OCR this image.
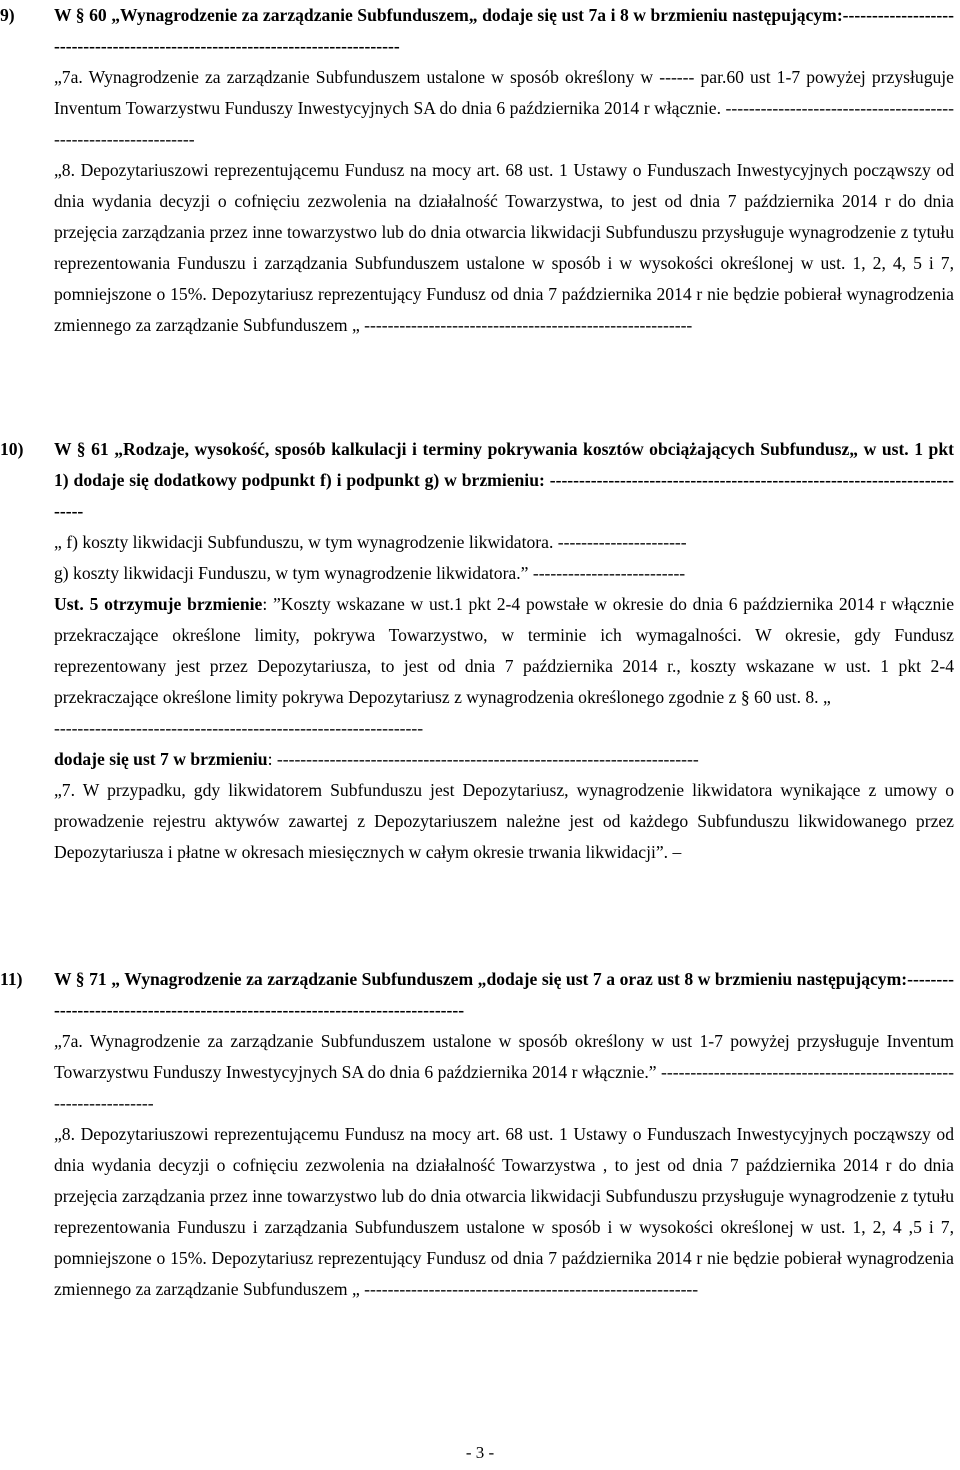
9) W § 60 „Wynagrodzenie za zarządzanie Subfunduszem„ dodaje się ust 7a i 8 w brzmieniu następującym:------------------------------------------------------------------------------

„7a. Wynagrodzenie za zarządzanie Subfunduszem ustalone w sposób określony w ------ par.60 ust 1-7 powyżej przysługuje Inventum Towarzystwu Funduszy Inwestycyjnych SA do dnia 6 października 2014 r włącznie. ---------------------------------------------------------------

„8. Depozytariuszowi reprezentującemu Fundusz na mocy art. 68 ust. 1 Ustawy o Funduszach Inwestycyjnych począwszy od dnia wydania decyzji o cofnięciu zezwolenia na działalność Towarzystwa, to jest od dnia 7 października 2014 r do dnia przejęcia zarządzania przez inne towarzystwo lub do dnia otwarcia likwidacji Subfunduszu przysługuje wynagrodzenie z tytułu reprezentowania Funduszu i zarządzania Subfunduszem ustalone w sposób i w wysokości określonej w ust. 1, 2, 4, 5 i 7, pomniejszone o 15%. Depozytariusz reprezentujący Fundusz od dnia 7 października 2014 r nie będzie pobierał wynagrodzenia zmiennego za zarządzanie Subfunduszem „ --------------------------------------------------------

10) W § 61 „Rodzaje, wysokość, sposób kalkulacji i terminy pokrywania kosztów obciążających Subfundusz„ w ust. 1 pkt 1) dodaje się dodatkowy podpunkt f) i podpunkt g) w brzmieniu: --------------------------------------------------------------------------

„ f) koszty likwidacji Subfunduszu, w tym wynagrodzenie likwidatora. ----------------------

g) koszty likwidacji Funduszu, w tym wynagrodzenie likwidatora.” --------------------------

Ust. 5 otrzymuje brzmienie: ”Koszty wskazane w ust.1 pkt 2-4 powstałe w okresie do dnia 6 października 2014 r włącznie przekraczające określone limity, pokrywa Towarzystwo, w terminie ich wymagalności. W okresie, gdy Fundusz reprezentowany jest przez Depozytariusza, to jest od dnia 7 października 2014 r., koszty wskazane w ust. 1 pkt 2-4 przekraczające określone limity pokrywa Depozytariusz z wynagrodzenia określonego zgodnie z § 60 ust. 8. „

---------------------------------------------------------------

dodaje się ust 7 w brzmieniu: ------------------------------------------------------------------------

„7. W przypadku, gdy likwidatorem Subfunduszu jest Depozytariusz, wynagrodzenie likwidatora wynikające z umowy o prowadzenie rejestru aktywów zawartej z Depozytariuszem należne jest od każdego Subfunduszu likwidowanego przez Depozytariusza i płatne w okresach miesięcznych w całym okresie trwania likwidacji”. –

11) W § 71 „ Wynagrodzenie za zarządzanie Subfunduszem „dodaje się ust 7 a oraz ust 8 w brzmieniu następującym:------------------------------------------------------------------------------

„7a. Wynagrodzenie za zarządzanie Subfunduszem ustalone w sposób określony w ust 1-7 powyżej przysługuje Inventum Towarzystwu Funduszy Inwestycyjnych SA do dnia 6 października 2014 r włącznie.” -------------------------------------------------------------------

„8. Depozytariuszowi reprezentującemu Fundusz na mocy art. 68 ust. 1 Ustawy o Funduszach Inwestycyjnych począwszy od dnia wydania decyzji o cofnięciu zezwolenia na działalność Towarzystwa , to jest od dnia 7 października 2014 r do dnia przejęcia zarządzania przez inne towarzystwo lub do dnia otwarcia likwidacji Subfunduszu przysługuje wynagrodzenie z tytułu reprezentowania Funduszu i zarządzania Subfunduszem ustalone w sposób i w wysokości określonej w ust. 1, 2, 4 ,5 i 7, pomniejszone o 15%. Depozytariusz reprezentujący Fundusz od dnia 7 października 2014 r nie będzie pobierał wynagrodzenia zmiennego za zarządzanie Subfunduszem „ ---------------------------------------------------------

- 3 -
